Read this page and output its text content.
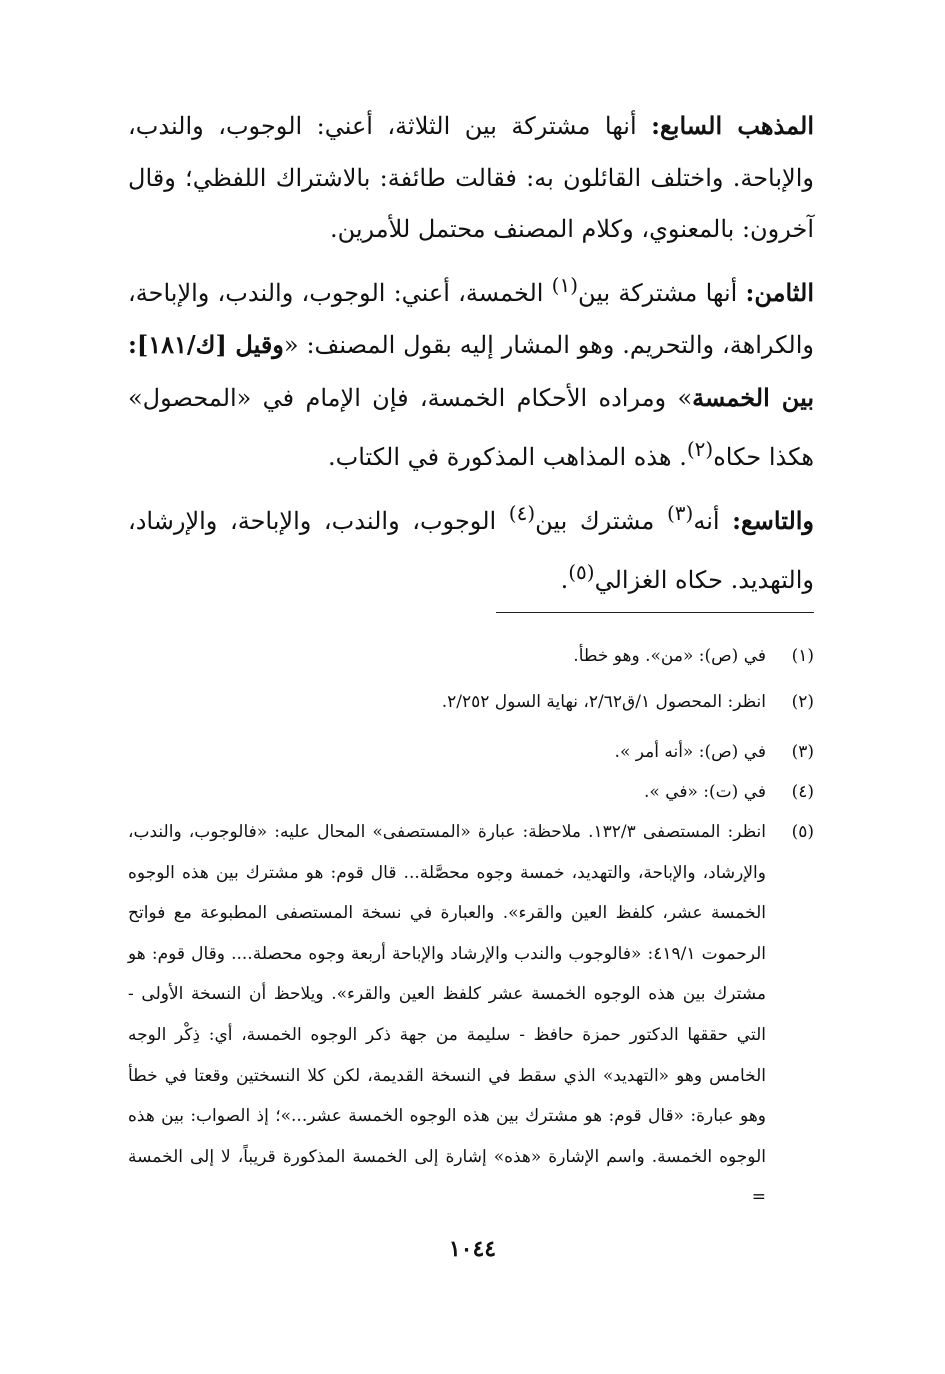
المذهب السابع: أنها مشتركة بين الثلاثة، أعني: الوجوب، والندب، والإباحة. واختلف القائلون به: فقالت طائفة: بالاشتراك اللفظي؛ وقال آخرون: بالمعنوي، وكلام المصنف محتمل للأمرين.

الثامن: أنها مشتركة بين$^{(١)}$ الخمسة، أعني: الوجوب، والندب، والإباحة، والكراهة، والتحريم. وهو المشار إليه بقول المصنف: «وقيل [ك/١٨١]: بين الخمسة» ومراده الأحكام الخمسة، فإن الإمام في «المحصول» هكذا حكاه$^{(٢)}$. هذه المذاهب المذكورة في الكتاب.

والتاسع: أنه$^{(٣)}$ مشترك بين$^{(٤)}$ الوجوب، والندب، والإباحة، والإرشاد، والتهديد. حكاه الغزالي$^{(٥)}$.

(١)
في (ص): «من». وهو خطأ.
(٢)
انظر: المحصول ١/ق٢/٦٢، نهاية السول ٢/٢٥٢.
(٣)
في (ص): «أنه أمر ».
(٤)
في (ت): «في ».
(٥)
انظر: المستصفى ١٣٢/٣. ملاحظة: عبارة «المستصفى» المحال عليه: «فالوجوب، والندب، والإرشاد، والإباحة، والتهديد، خمسة وجوه محصَّلة... قال قوم: هو مشترك بين هذه الوجوه الخمسة عشر، كلفظ العين والقرء». والعبارة في نسخة المستصفى المطبوعة مع فواتح الرحموت ٤١٩/١: «فالوجوب والندب والإرشاد والإباحة أربعة وجوه محصلة.... وقال قوم: هو مشترك بين هذه الوجوه الخمسة عشر كلفظ العين والقرء». ويلاحظ أن النسخة الأولى - التي حققها الدكتور حمزة حافظ - سليمة من جهة ذكر الوجوه الخمسة، أي: ذِكْر الوجه الخامس وهو «التهديد» الذي سقط في النسخة القديمة، لكن كلا النسختين وقعتا في خطأ وهو عبارة: «قال قوم: هو مشترك بين هذه الوجوه الخمسة عشر...»؛ إذ الصواب: بين هذه الوجوه الخمسة. واسم الإشارة «هذه» إشارة إلى الخمسة المذكورة قريباً، لا إلى الخمسة =
١٠٤٤
